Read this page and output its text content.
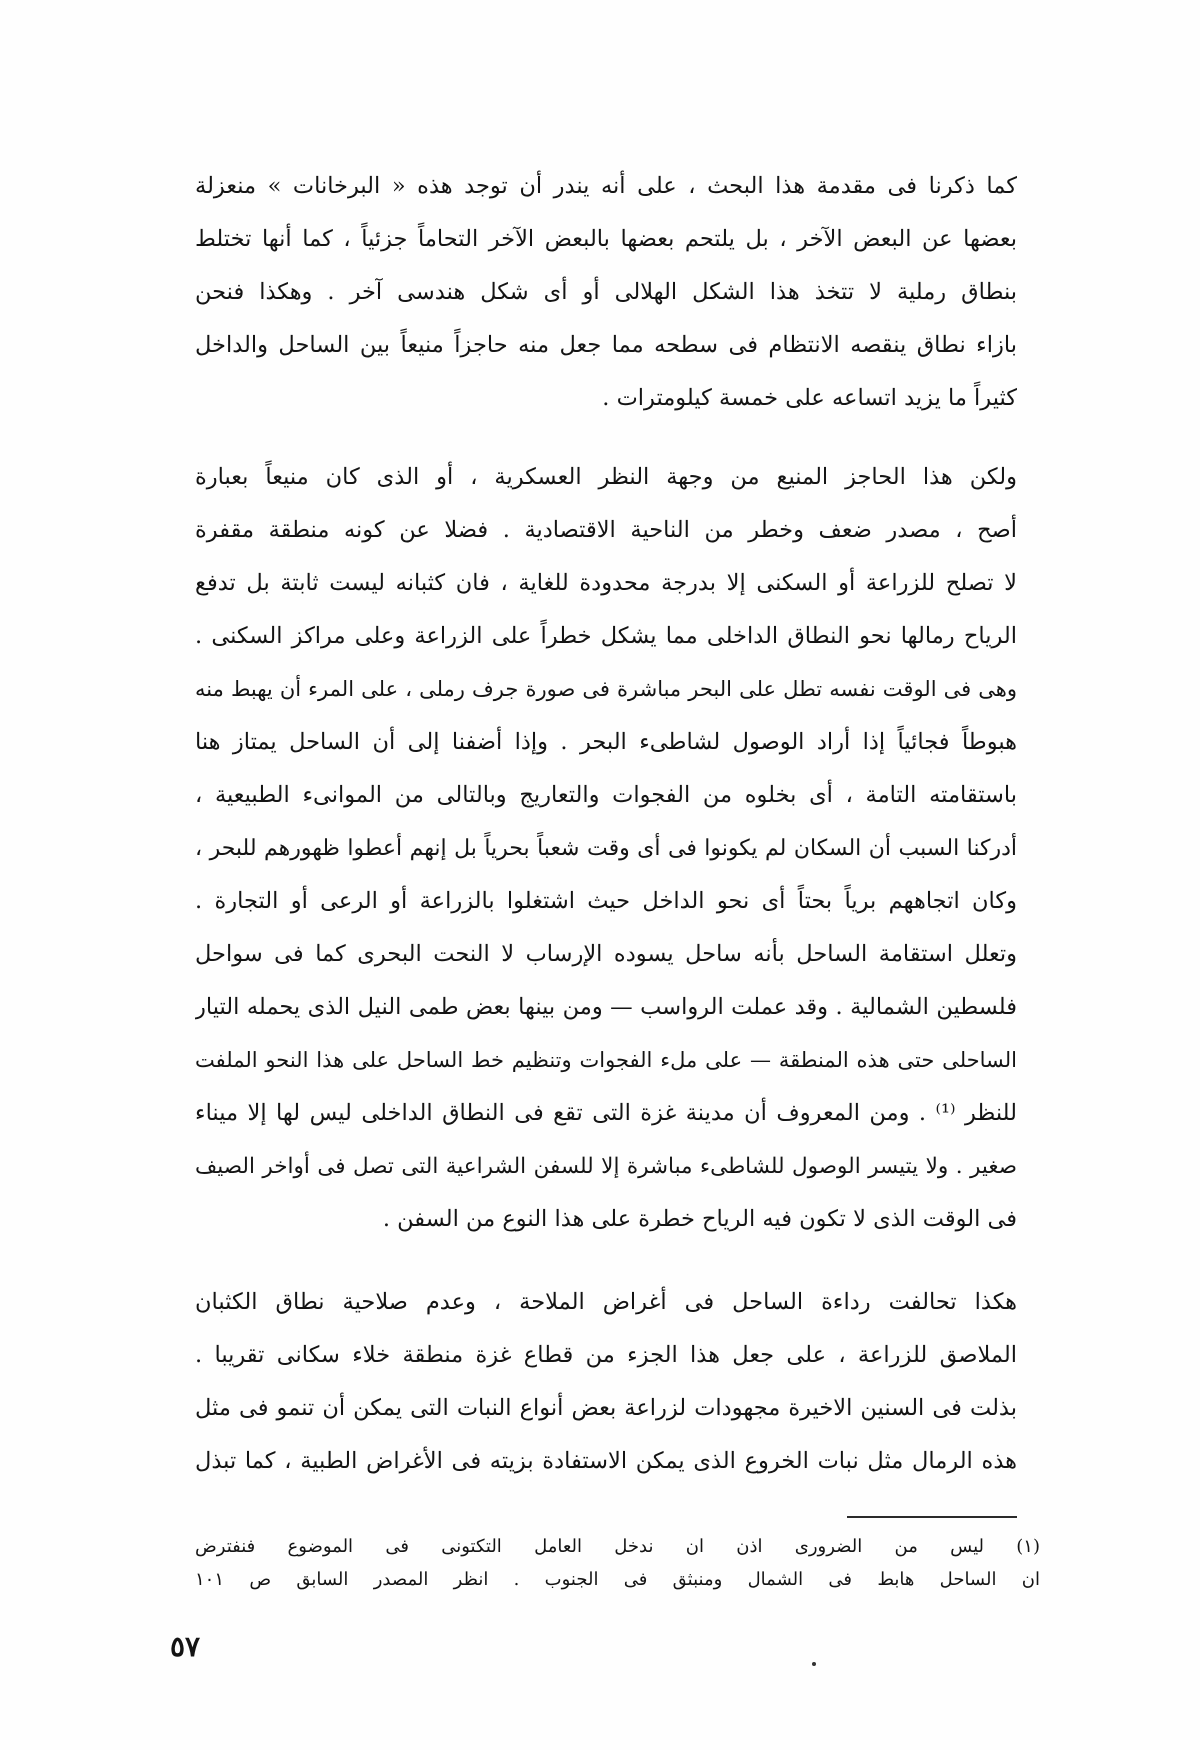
كما ذكرنا فى مقدمة هذا البحث ، على أنه يندر أن توجد هذه « البرخانات » منعزلة
بعضها عن البعض الآخر ، بل يلتحم بعضها بالبعض الآخر التحاماً جزئياً ، كما أنها تختلط
بنطاق رملية لا تتخذ هذا الشكل الهلالى أو أى شكل هندسى آخر . وهكذا فنحن
بازاء نطاق ينقصه الانتظام فى سطحه مما جعل منه حاجزاً منيعاً بين الساحل والداخل
كثيراً ما يزيد اتساعه على خمسة كيلومترات .
ولكن هذا الحاجز المنيع من وجهة النظر العسكرية ، أو الذى كان منيعاً بعبارة
أصح ، مصدر ضعف وخطر من الناحية الاقتصادية . فضلا عن كونه منطقة مقفرة
لا تصلح للزراعة أو السكنى إلا بدرجة محدودة للغاية ، فان كثبانه ليست ثابتة بل تدفع
الرياح رمالها نحو النطاق الداخلى مما يشكل خطراً على الزراعة وعلى مراكز السكنى .
وهى فى الوقت نفسه تطل على البحر مباشرة فى صورة جرف رملى ، على المرء أن يهبط منه
هبوطاً فجائياً إذا أراد الوصول لشاطىء البحر . وإذا أضفنا إلى أن الساحل يمتاز هنا
باستقامته التامة ، أى بخلوه من الفجوات والتعاريج وبالتالى من الموانىء الطبيعية ،
أدركنا السبب أن السكان لم يكونوا فى أى وقت شعباً بحرياً بل إنهم أعطوا ظهورهم للبحر ،
وكان اتجاههم برياً بحتاً أى نحو الداخل حيث اشتغلوا بالزراعة أو الرعى أو التجارة .
وتعلل استقامة الساحل بأنه ساحل يسوده الإرساب لا النحت البحرى كما فى سواحل
فلسطين الشمالية . وقد عملت الرواسب — ومن بينها بعض طمى النيل الذى يحمله التيار
الساحلى حتى هذه المنطقة — على ملء الفجوات وتنظيم خط الساحل على هذا النحو الملفت
للنظر ⁽¹⁾ . ومن المعروف أن مدينة غزة التى تقع فى النطاق الداخلى ليس لها إلا ميناء
صغير . ولا يتيسر الوصول للشاطىء مباشرة إلا للسفن الشراعية التى تصل فى أواخر الصيف
فى الوقت الذى لا تكون فيه الرياح خطرة على هذا النوع من السفن .
هكذا تحالفت رداءة الساحل فى أغراض الملاحة ، وعدم صلاحية نطاق الكثبان
الملاصق للزراعة ، على جعل هذا الجزء من قطاع غزة منطقة خلاء سكانى تقريبا .
بذلت فى السنين الاخيرة مجهودات لزراعة بعض أنواع النبات التى يمكن أن تنمو فى مثل
هذه الرمال مثل نبات الخروع الذى يمكن الاستفادة بزيته فى الأغراض الطبية ، كما تبذل
(١) ليس من الضرورى اذن ان ندخل العامل التكتونى فى الموضوع فنفترض
ان الساحل هابط فى الشمال ومنبثق فى الجنوب . انظر المصدر السابق ص ١٠١
٥٧
